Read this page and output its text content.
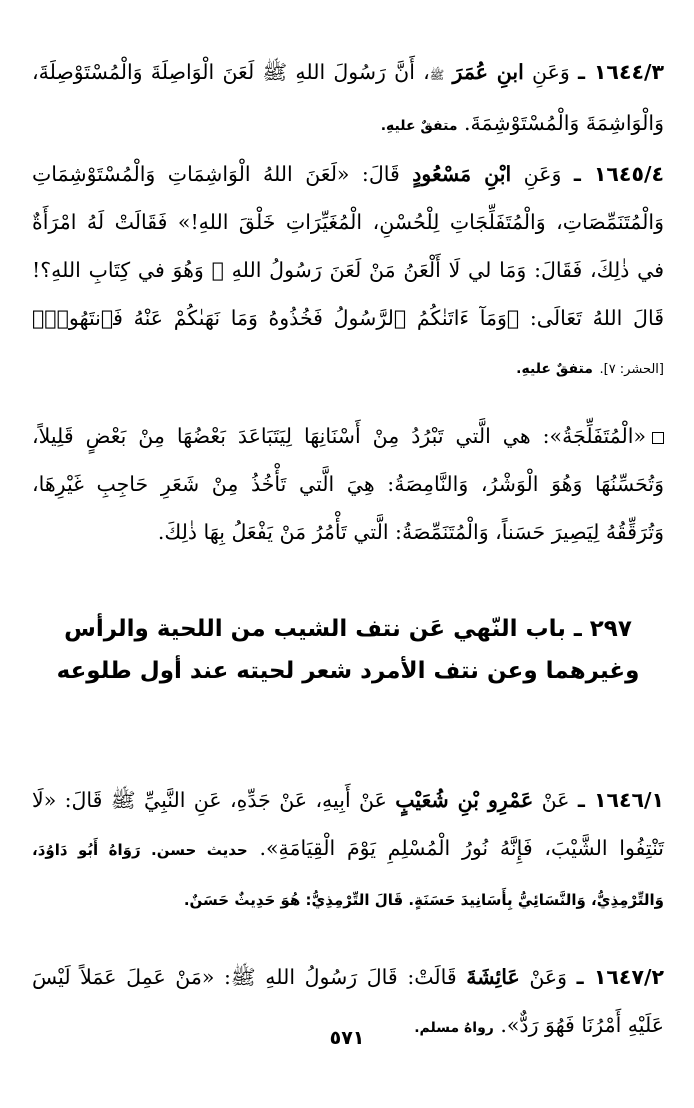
١٦٤٤/٣ ـ وَعَنِ ابنِ عُمَرَ ﷺ، أَنَّ رَسُولَ اللهِ ﷺ لَعَنَ الْوَاصِلَةَ وَالْمُسْتَوْصِلَةَ، وَالْوَاشِمَةَ وَالْمُسْتَوْشِمَةَ. متفقٌ عليهِ.

١٦٤٥/٤ ـ وَعَنِ ابْنِ مَسْعُودٍ قَالَ: «لَعَنَ اللهُ الْوَاشِمَاتِ وَالْمُسْتَوْشِمَاتِ وَالْمُتَنَمِّصَاتِ، وَالْمُتَفَلِّجَاتِ لِلْحُسْنِ، الْمُغَيِّرَاتِ خَلْقَ اللهِ!» فَقَالَتْ لَهُ امْرَأَةٌ في ذٰلِكَ، فَقَالَ: وَمَا لي لَا أَلْعَنُ مَنْ لَعَنَ رَسُولُ اللهِ ﷺ وَهُوَ في كِتَابِ اللهِ؟! قَالَ اللهُ تَعَالَى: ﴿وَمَآ ءَاتَنٰكُمُ ٱلرَّسُولُ فَخُذُوهُ وَمَا نَهَىٰكُمْ عَنْهُ فَٱنتَهُوا۟﴾ [الحشر: ٧]. متفقٌ عليهِ.

«الْمُتَفَلِّجَةُ»: هي الَّتي تَبْرُدُ مِنْ أَسْنَانِهَا لِيَتَبَاعَدَ بَعْضُهَا مِنْ بَعْضٍ قَلِيلاً، وَتُحَسِّنُهَا وَهُوَ الْوَشْرُ، وَالنَّامِصَةُ: هِيَ الَّتي تَأْخُذُ مِنْ شَعَرِ حَاجِبِ غَيْرِهَا، وَتُرَقِّقُهُ لِيَصِيرَ حَسَناً، وَالْمُتَنَمِّصَةُ: الَّتي تَأْمُرُ مَنْ يَفْعَلُ بِهَا ذٰلِكَ.

٢٩٧ ـ باب النّهي عَن نتف الشيب من اللحية والرأس وغيرهما وعن نتف الأمرد شعر لحيته عند أول طلوعه

١٦٤٦/١ ـ عَنْ عَمْرِو بْنِ شُعَيْبٍ عَنْ أَبِيهِ، عَنْ جَدِّهِ، عَنِ النَّبِيِّ ﷺ قَالَ: «لَا تَنْتِفُوا الشَّيْبَ، فَإِنَّهُ نُورُ الْمُسْلِمِ يَوْمَ الْقِيَامَةِ». حديث حسن. رَوَاهُ أَبُو دَاوُدَ، وَالتِّرْمِذِيُّ، وَالنَّسَائِيُّ بِأَسَانِيدَ حَسَنَةٍ. قَالَ التِّرْمِذِيُّ: هُوَ حَدِيثٌ حَسَنٌ.

١٦٤٧/٢ ـ وَعَنْ عَائِشَةَ قَالَتْ: قَالَ رَسُولُ اللهِ ﷺ: «مَنْ عَمِلَ عَمَلاً لَيْسَ عَلَيْهِ أَمْرُنَا فَهُوَ رَدٌّ». رواهُ مسلم.

٥٧١
